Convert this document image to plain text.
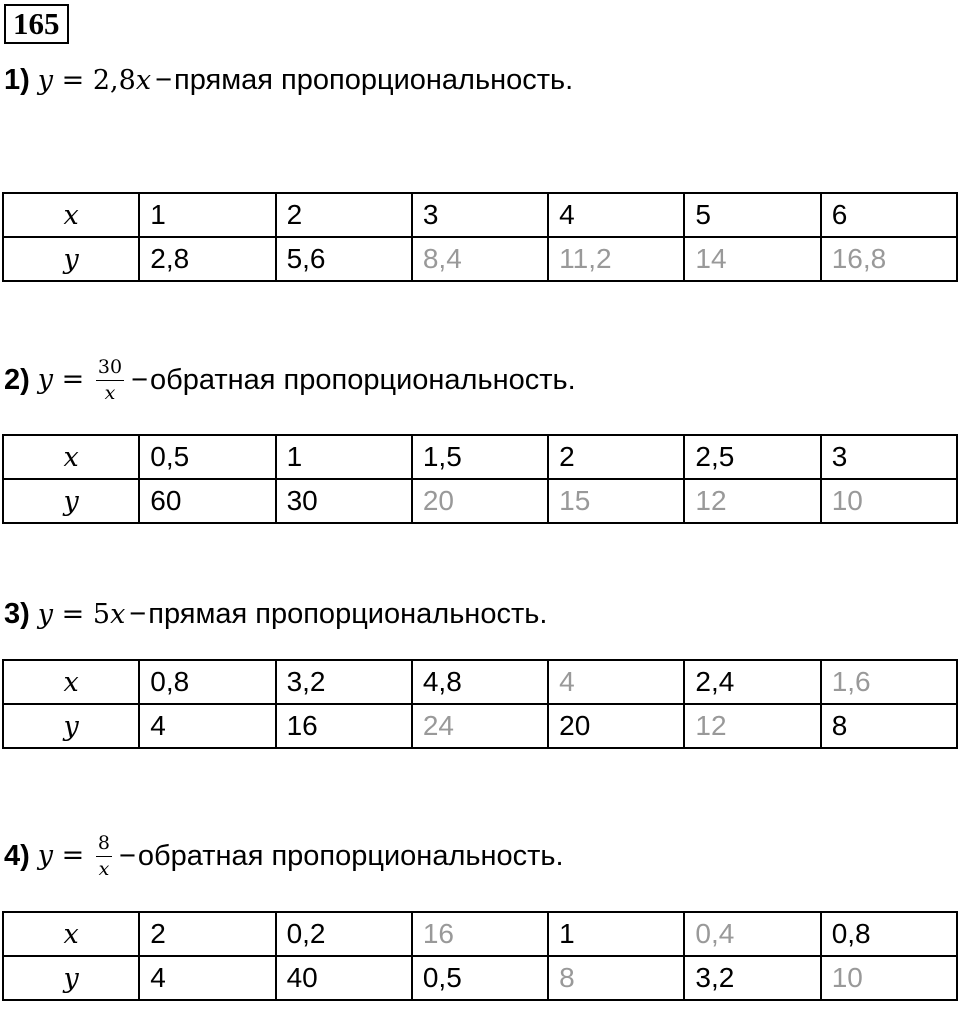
165
1) y = 2,8x − прямая пропорциональность.
x	1	2	3	4	5	6
y	2,8	5,6	8,4	11,2	14	16,8
2) $y = \frac{30}{x}$ − обратная пропорциональность.
x	0,5	1	1,5	2	2,5	3
y	60	30	20	15	12	10
3) y = 5x − прямая пропорциональность.
x	0,8	3,2	4,8	4	2,4	1,6
y	4	16	24	20	12	8
4) $y = \frac{8}{x}$ − обратная пропорциональность.
x	2	0,2	16	1	0,4	0,8
y	4	40	0,5	8	3,2	10
